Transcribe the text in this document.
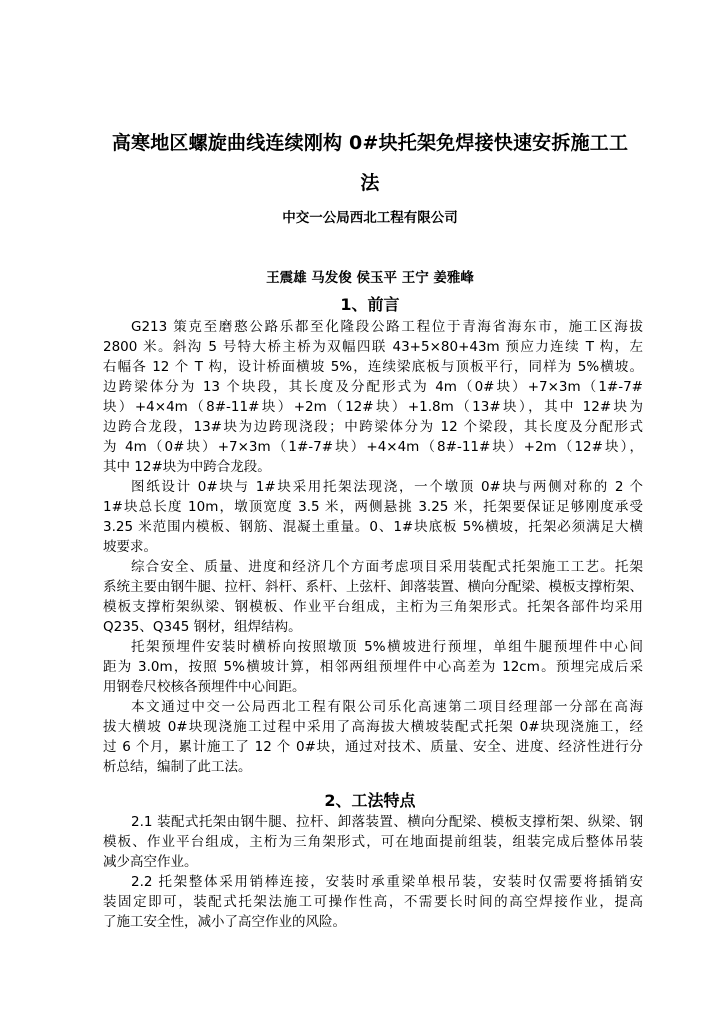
高寒地区螺旋曲线连续刚构 0#块托架免焊接快速安拆施工工
法
中交一公局西北工程有限公司
王震雄 马发俊 侯玉平 王宁 姜雅峰
1、前言
G213 策克至磨憨公路乐都至化隆段公路工程位于青海省海东市，施工区海拔
2800 米。斜沟 5 号特大桥主桥为双幅四联 43+5×80+43m 预应力连续 T 构，左
右幅各 12 个 T 构，设计桥面横坡 5%，连续梁底板与顶板平行，同样为 5%横坡。
边跨梁体分为 13 个块段，其长度及分配形式为 4m（0#块）+7×3m（1#-7#
块）+4×4m（8#-11#块）+2m（12#块）+1.8m（13#块），其中 12#块为
边跨合龙段，13#块为边跨现浇段；中跨梁体分为 12 个梁段，其长度及分配形式
为 4m（0#块）+7×3m（1#-7#块）+4×4m（8#-11#块）+2m（12#块），
其中 12#块为中跨合龙段。
图纸设计 0#块与 1#块采用托架法现浇，一个墩顶 0#块与两侧对称的 2 个
1#块总长度 10m，墩顶宽度 3.5 米，两侧悬挑 3.25 米，托架要保证足够刚度承受
3.25 米范围内模板、钢筋、混凝土重量。0、1#块底板 5%横坡，托架必须满足大横
坡要求。
综合安全、质量、进度和经济几个方面考虑项目采用装配式托架施工工艺。托架
系统主要由钢牛腿、拉杆、斜杆、系杆、上弦杆、卸落装置、横向分配梁、模板支撑桁架、
模板支撑桁架纵梁、钢模板、作业平台组成，主桁为三角架形式。托架各部件均采用
Q235、Q345 钢材，组焊结构。
托架预埋件安装时横桥向按照墩顶 5%横坡进行预埋，单组牛腿预埋件中心间
距为 3.0m，按照 5%横坡计算，相邻两组预埋件中心高差为 12cm。预埋完成后采
用钢卷尺校核各预埋件中心间距。
本文通过中交一公局西北工程有限公司乐化高速第二项目经理部一分部在高海
拔大横坡 0#块现浇施工过程中采用了高海拔大横坡装配式托架 0#块现浇施工，经
过 6 个月，累计施工了 12 个 0#块，通过对技术、质量、安全、进度、经济性进行分
析总结，编制了此工法。
2、工法特点
2.1 装配式托架由钢牛腿、拉杆、卸落装置、横向分配梁、模板支撑桁架、纵梁、钢
模板、作业平台组成，主桁为三角架形式，可在地面提前组装，组装完成后整体吊装
减少高空作业。
2.2 托架整体采用销棒连接，安装时承重梁单根吊装，安装时仅需要将插销安
装固定即可，装配式托架法施工可操作性高，不需要长时间的高空焊接作业，提高
了施工安全性，减小了高空作业的风险。
